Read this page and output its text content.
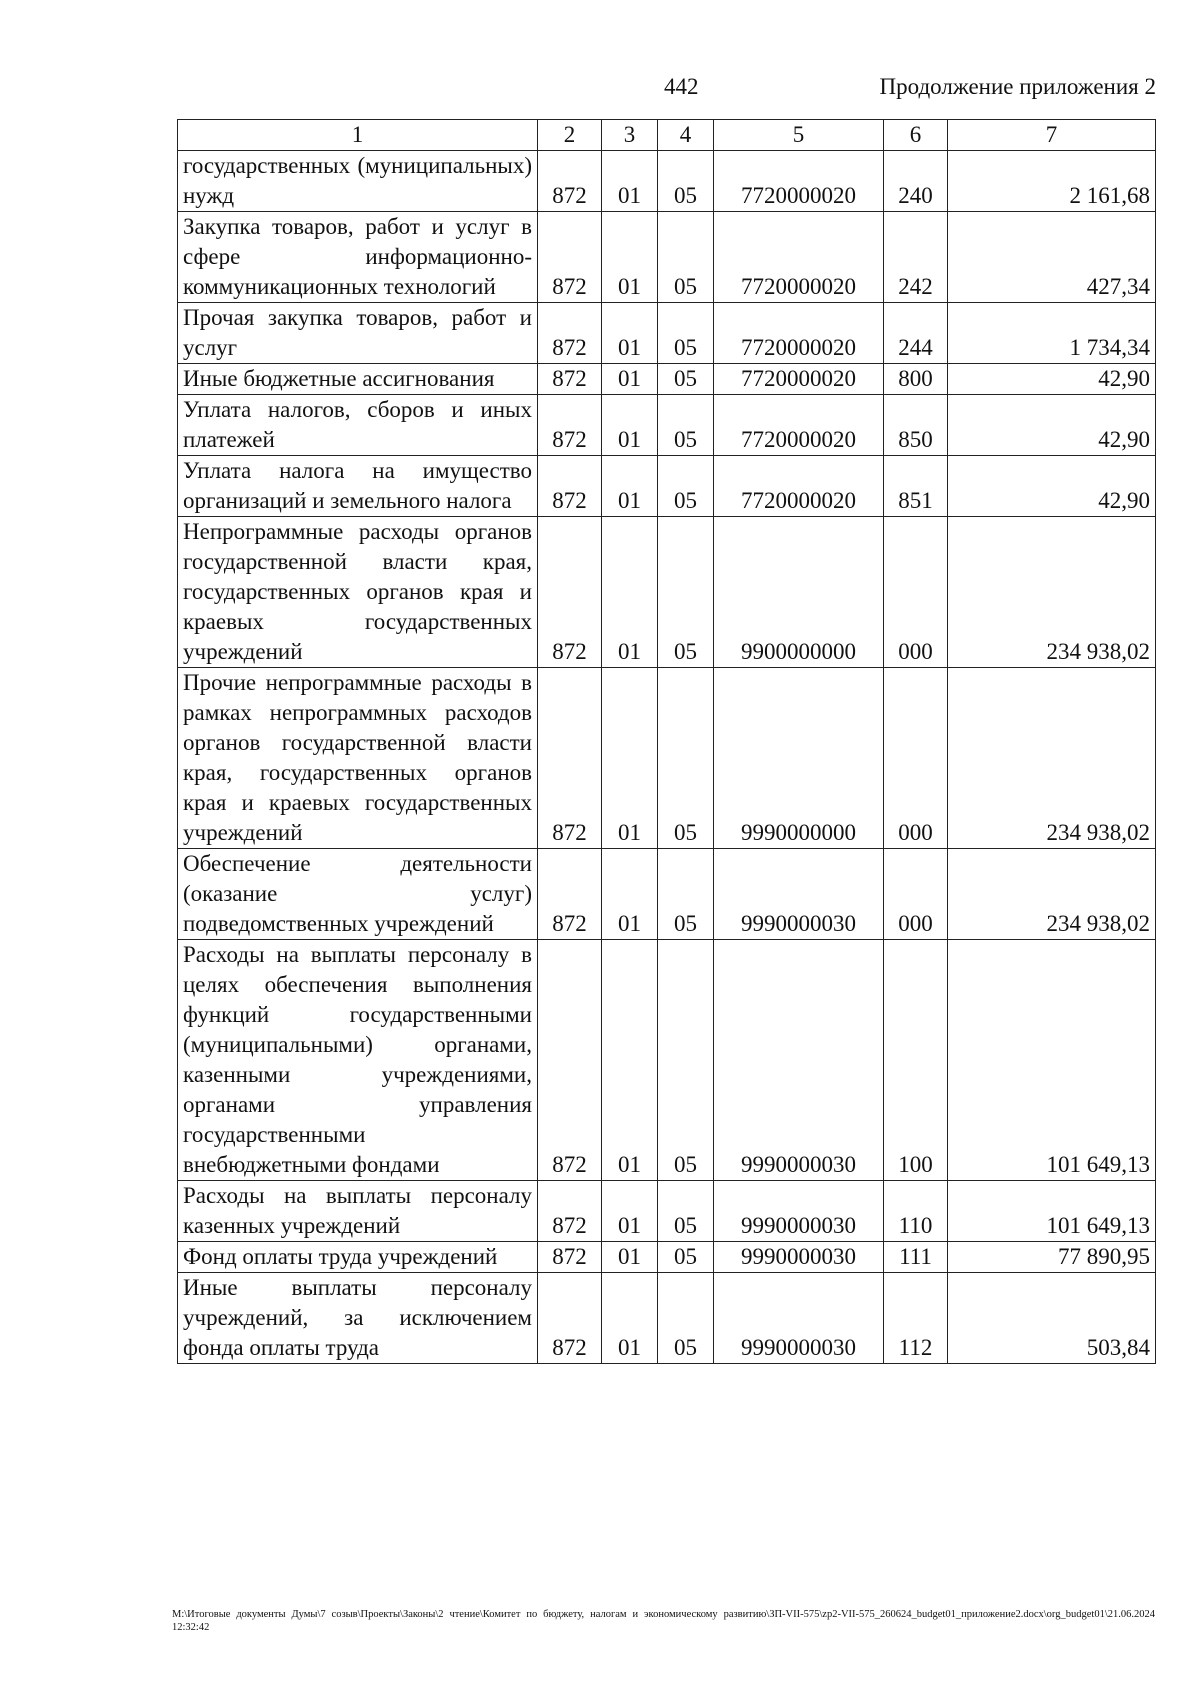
442	Продолжение приложения 2
1	2	3	4	5	6	7
государственных (муниципальных) нужд	872	01	05	7720000020	240	2 161,68
Закупка товаров, работ и услуг в сфере информационно-коммуникационных технологий	872	01	05	7720000020	242	427,34
Прочая закупка товаров, работ и услуг	872	01	05	7720000020	244	1 734,34
Иные бюджетные ассигнования	872	01	05	7720000020	800	42,90
Уплата налогов, сборов и иных платежей	872	01	05	7720000020	850	42,90
Уплата налога на имущество организаций и земельного налога	872	01	05	7720000020	851	42,90
Непрограммные расходы органов государственной власти края, государственных органов края и краевых государственных учреждений	872	01	05	9900000000	000	234 938,02
Прочие непрограммные расходы в рамках непрограммных расходов органов государственной власти края, государственных органов края и краевых государственных учреждений	872	01	05	9990000000	000	234 938,02
Обеспечение деятельности (оказание услуг) подведомственных учреждений	872	01	05	9990000030	000	234 938,02
Расходы на выплаты персоналу в целях обеспечения выполнения функций государственными (муниципальными) органами, казенными учреждениями, органами управления государственными внебюджетными фондами	872	01	05	9990000030	100	101 649,13
Расходы на выплаты персоналу казенных учреждений	872	01	05	9990000030	110	101 649,13
Фонд оплаты труда учреждений	872	01	05	9990000030	111	77 890,95
Иные выплаты персоналу учреждений, за исключением фонда оплаты труда	872	01	05	9990000030	112	503,84
M:\Итоговые документы Думы\7 созыв\Проекты\Законы\2 чтение\Комитет по бюджету, налогам и экономическому развитию\ЗП-VII-575\zp2-VII-575_260624_budget01_приложение2.docx\org_budget01\21.06.2024 12:32:42
